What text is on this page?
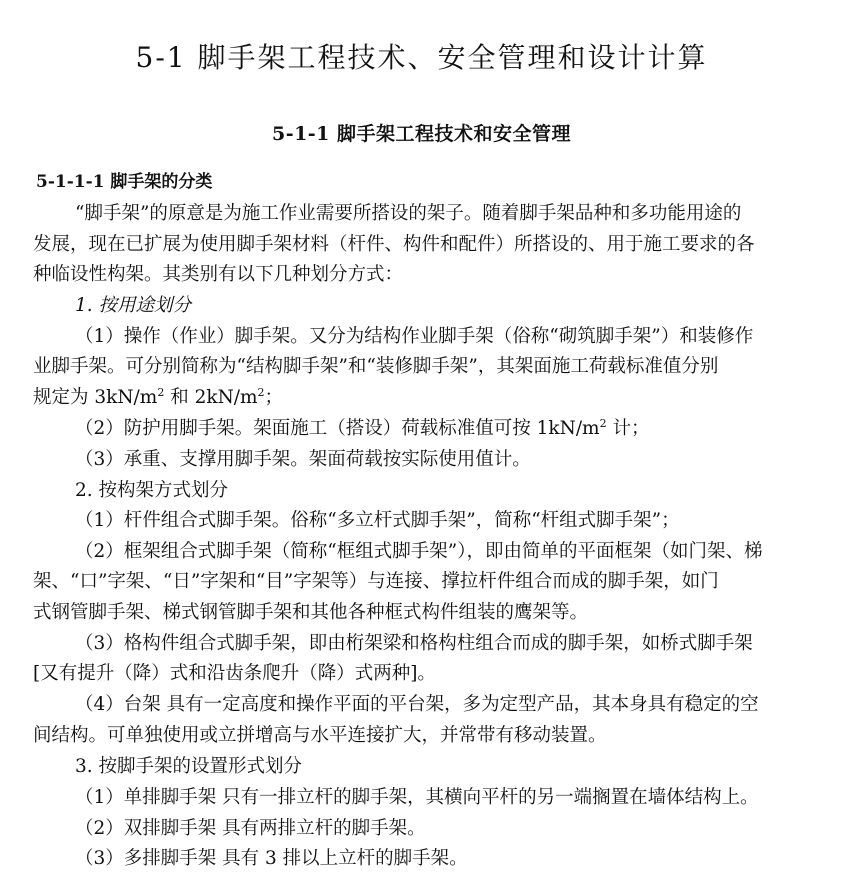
5-1 脚手架工程技术、安全管理和设计计算
5-1-1 脚手架工程技术和安全管理
5-1-1-1 脚手架的分类
“脚手架”的原意是为施工作业需要所搭设的架子。随着脚手架品种和多功能用途的
发展，现在已扩展为使用脚手架材料（杆件、构件和配件）所搭设的、用于施工要求的各
种临设性构架。其类别有以下几种划分方式：
1. 按用途划分
（1）操作（作业）脚手架。又分为结构作业脚手架（俗称“砌筑脚手架”）和装修作
业脚手架。可分别简称为“结构脚手架”和“装修脚手架”，其架面施工荷载标准值分别
规定为 $3kN/m^2$ 和 $2kN/m^2$；
（2）防护用脚手架。架面施工（搭设）荷载标准值可按 $1kN/m^2$ 计；
（3）承重、支撑用脚手架。架面荷载按实际使用值计。
2. 按构架方式划分
（1）杆件组合式脚手架。俗称“多立杆式脚手架”，简称“杆组式脚手架”；
（2）框架组合式脚手架（简称“框组式脚手架”），即由简单的平面框架（如门架、梯
架、“口”字架、“日”字架和“目”字架等）与连接、撑拉杆件组合而成的脚手架，如门
式钢管脚手架、梯式钢管脚手架和其他各种框式构件组装的鹰架等。
（3）格构件组合式脚手架，即由桁架梁和格构柱组合而成的脚手架，如桥式脚手架
[又有提升（降）式和沿齿条爬升（降）式两种]。
（4）台架 具有一定高度和操作平面的平台架，多为定型产品，其本身具有稳定的空
间结构。可单独使用或立拼增高与水平连接扩大，并常带有移动装置。
3. 按脚手架的设置形式划分
（1）单排脚手架 只有一排立杆的脚手架，其横向平杆的另一端搁置在墙体结构上。
（2）双排脚手架 具有两排立杆的脚手架。
（3）多排脚手架 具有 3 排以上立杆的脚手架。
